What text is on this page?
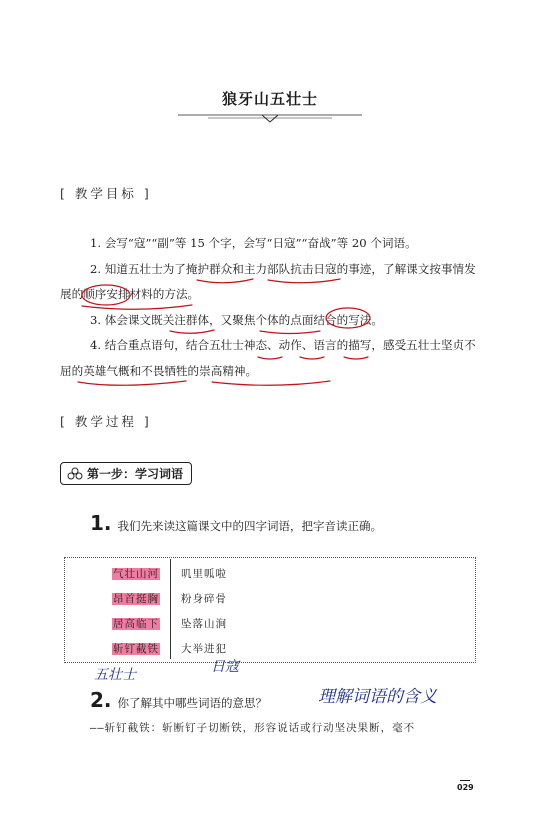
狼牙山五壮士
[ 教学目标 ]

1. 会写“寇”“副”等 15 个字，会写“日寇”“奋战”等 20 个词语。

2. 知道五壮士为了掩护群众和主力部队抗击日寇的事迹，了解课文按事情发展的顺序安排材料的方法。

3. 体会课文既关注群体，又聚焦个体的点面结合的写法。

4. 结合重点语句，结合五壮士神态、动作、语言的描写，感受五壮士坚贞不屈的英雄气概和不畏牺牲的崇高精神。

[ 教学过程 ]
第一步：学习词语
1. 我们先来读这篇课文中的四字词语，把字音读正确。
气壮山河
昂首挺胸
居高临下
斩钉截铁
叽里呱啦
粉身碎骨
坠落山涧
大举进犯
五壮士	日寇
2. 你了解其中哪些词语的意思？	理解词语的含义
——斩钉截铁：斩断钉子切断铁，形容说话或行动坚决果断，毫不
029
